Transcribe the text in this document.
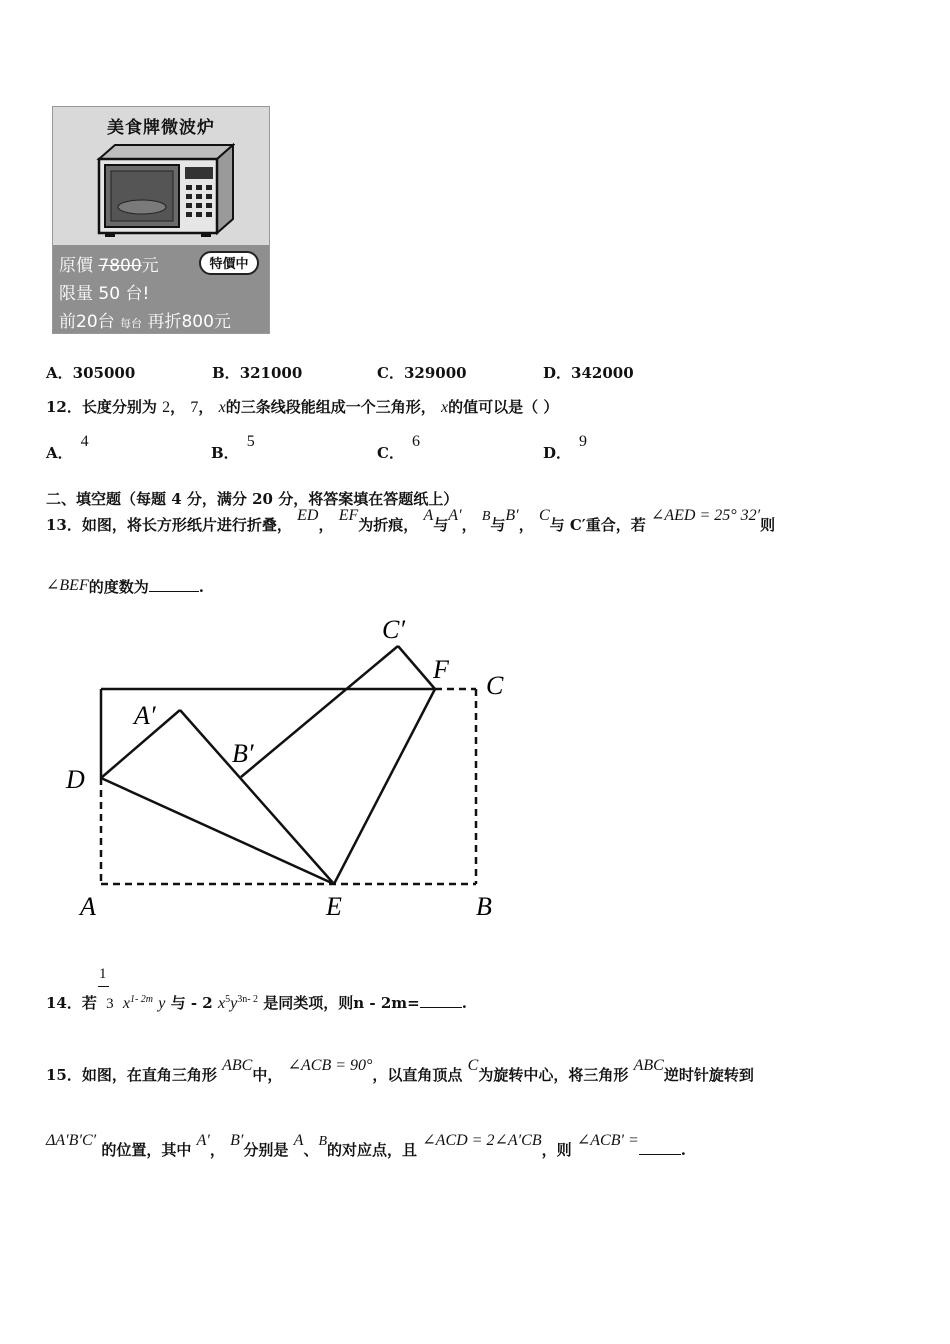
美食牌微波炉
原價 7800元	特價中
限量 50 台!
前20台 每台 再折800元
A．305000	B．321000	C．329000	D．342000
12．长度分别为 2， 7， x的三条线段能组成一个三角形， x的值可以是（ ）
A．4
B．5
C．6
D．9
二、填空题（每题 4 分，满分 20 分，将答案填在答题纸上）
13．如图，将长方形纸片进行折叠， ED， EF为折痕， A与A′， B与B′， C与 C′重合，若 ∠AED = 25° 32′则
∠BEF的度数为	.
C′
F
C
A′
B′
D
A	E	B
1
14．若 3 $x^{1- 2m}$ y 与 - 2 $x^5y^{3n- 2}$ 是同类项，则n - 2m=	.
15．如图，在直角三角形 ABC中， ∠ACB = 90°，以直角顶点 C为旋转中心，将三角形 ABC逆时针旋转到
ΔA′B′C′ 的位置，其中 A′， B′分别是 A、B的对应点，且 ∠ACD = 2∠A′CB，则 ∠ACB′ =.
